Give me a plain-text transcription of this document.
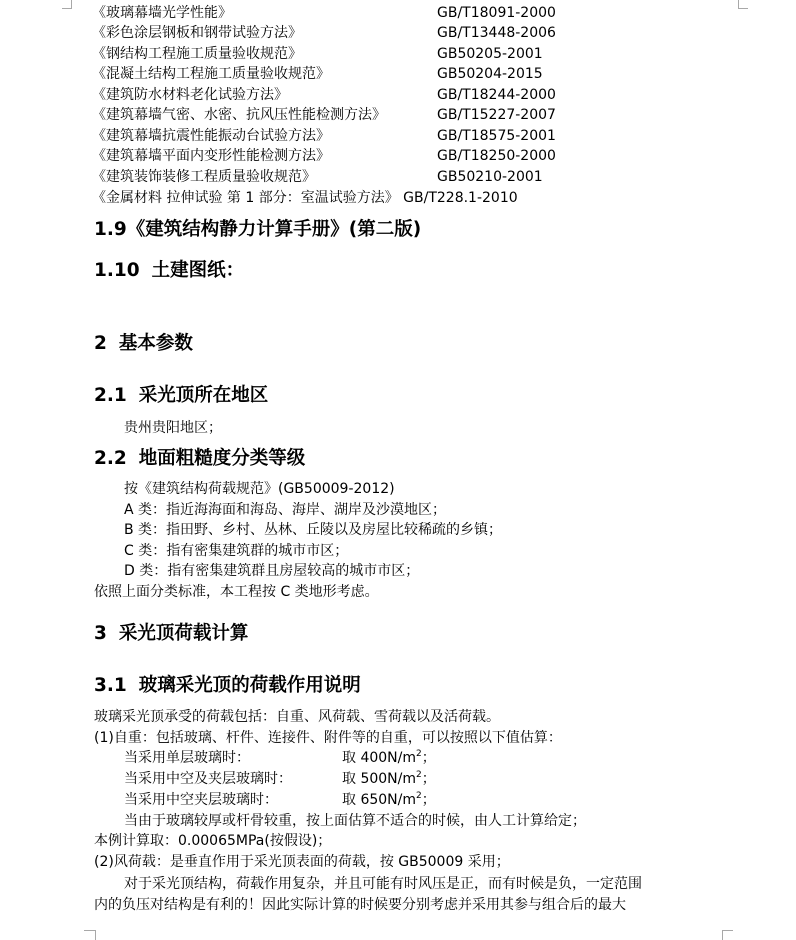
《玻璃幕墙光学性能》	GB/T18091-2000
《彩色涂层钢板和钢带试验方法》	GB/T13448-2006
《钢结构工程施工质量验收规范》	GB50205-2001
《混凝土结构工程施工质量验收规范》	GB50204-2015
《建筑防水材料老化试验方法》	GB/T18244-2000
《建筑幕墙气密、水密、抗风压性能检测方法》	GB/T15227-2007
《建筑幕墙抗震性能振动台试验方法》	GB/T18575-2001
《建筑幕墙平面内变形性能检测方法》	GB/T18250-2000
《建筑装饰装修工程质量验收规范》	GB50210-2001
《金属材料 拉伸试验 第 1 部分：室温试验方法》 GB/T228.1-2010
1.9《建筑结构静力计算手册》(第二版)
1.10 土建图纸：
2 基本参数
2.1 采光顶所在地区
贵州贵阳地区；
2.2 地面粗糙度分类等级
按《建筑结构荷载规范》(GB50009-2012)
A 类：指近海海面和海岛、海岸、湖岸及沙漠地区；
B 类：指田野、乡村、丛林、丘陵以及房屋比较稀疏的乡镇；
C 类：指有密集建筑群的城市市区；
D 类：指有密集建筑群且房屋较高的城市市区；
依照上面分类标准，本工程按 C 类地形考虑。
3 采光顶荷载计算
3.1 玻璃采光顶的荷载作用说明
玻璃采光顶承受的荷载包括：自重、风荷载、雪荷载以及活荷载。
(1)自重：包括玻璃、杆件、连接件、附件等的自重，可以按照以下值估算：
当采用单层玻璃时：	取 $400N/m^2$；
当采用中空及夹层玻璃时：	取 $500N/m^2$；
当采用中空夹层玻璃时：	取 $650N/m^2$；
当由于玻璃较厚或杆骨较重，按上面估算不适合的时候，由人工计算给定；
本例计算取：0.00065MPa(按假设)；
(2)风荷载：是垂直作用于采光顶表面的荷载，按 GB50009 采用；
对于采光顶结构，荷载作用复杂，并且可能有时风压是正，而有时候是负，一定范围
内的负压对结构是有利的！因此实际计算的时候要分别考虑并采用其参与组合后的最大
